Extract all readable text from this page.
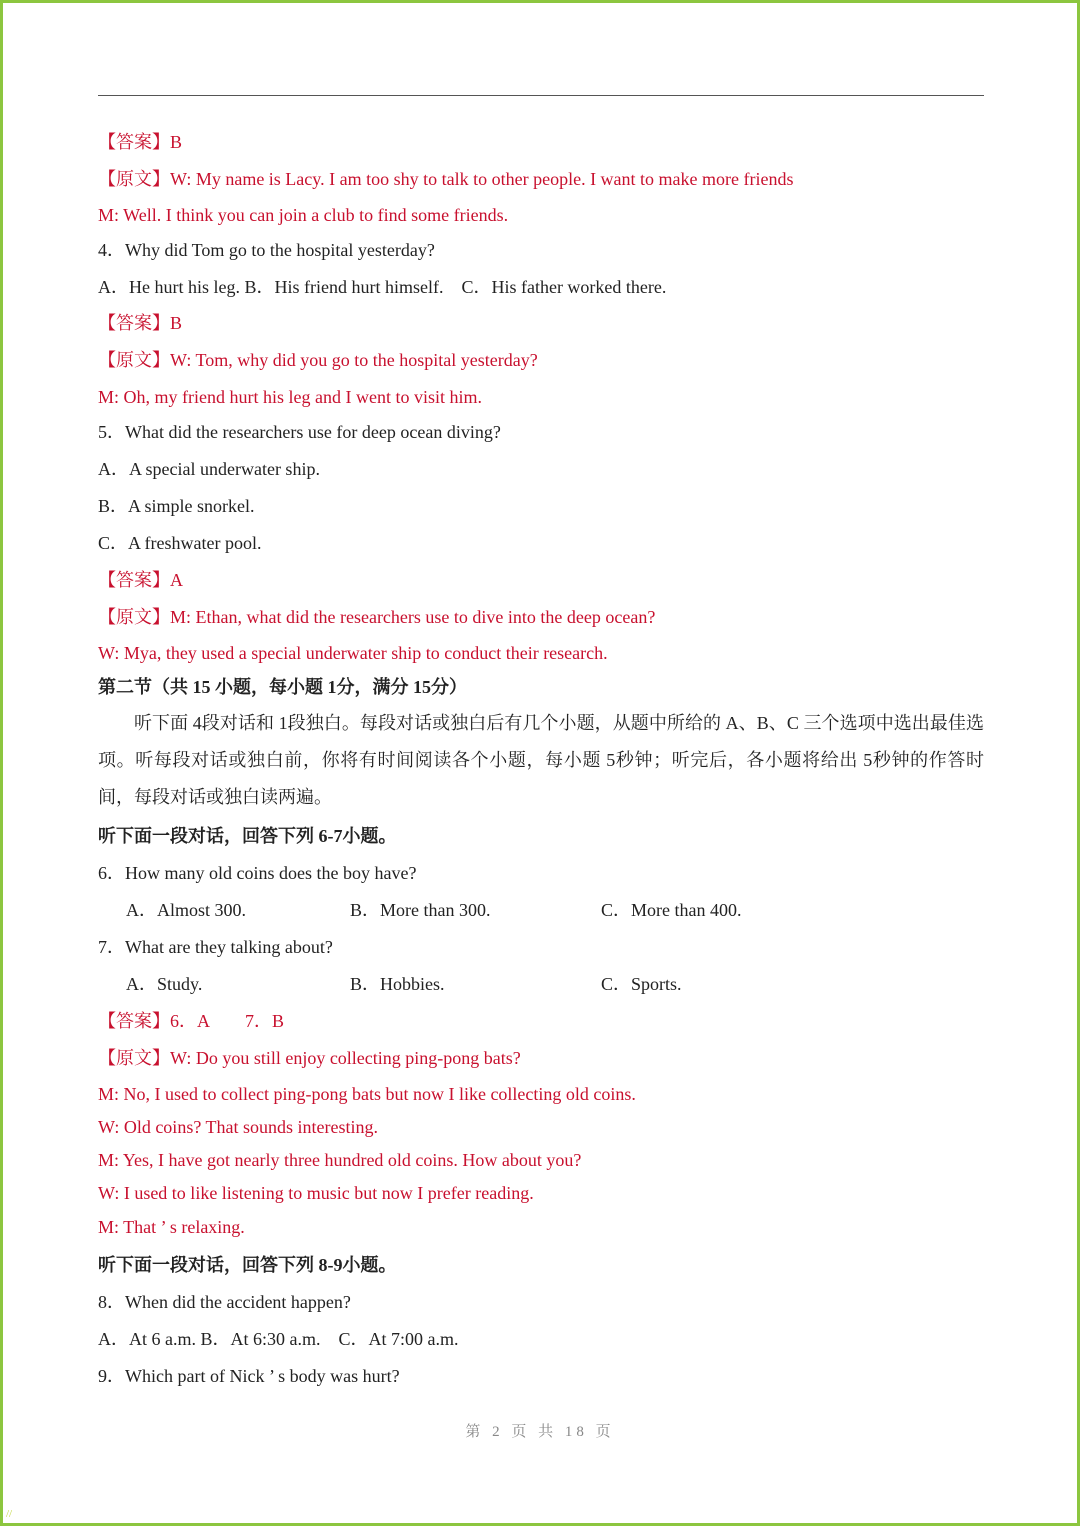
【答案】B
【原文】W: My name is Lacy. I am too shy to talk to other people. I want to make more friends
M: Well. I think you can join a club to find some friends.
4．Why did Tom go to the hospital yesterday?
A．He hurt his leg. B．His friend hurt himself.　C．His father worked there.
【答案】B
【原文】W: Tom, why did you go to the hospital yesterday?
M: Oh, my friend hurt his leg and I went to visit him.
5．What did the researchers use for deep ocean diving?
A．A special underwater ship.
B．A simple snorkel.
C．A freshwater pool.
【答案】A
【原文】M: Ethan, what did the researchers use to dive into the deep ocean?
W: Mya, they used a special underwater ship to conduct their research.
第二节（共 15 小题，每小题 1分，满分 15分）
听下面 4段对话和 1段独白。每段对话或独白后有几个小题，从题中所给的 A、B、C 三个选项中选出最佳选项。听每段对话或独白前，你将有时间阅读各个小题，每小题 5秒钟；听完后，各小题将给出 5秒钟的作答时间，每段对话或独白读两遍。
听下面一段对话，回答下列 6-7小题。
6．How many old coins does the boy have?
A．Almost 300.	B．More than 300.	C．More than 400.
7．What are they talking about?
A．Study.	B．Hobbies.	C．Sports.
【答案】6．A　　7．B
【原文】W: Do you still enjoy collecting ping-pong bats?
M: No, I used to collect ping-pong bats but now I like collecting old coins.
W: Old coins? That sounds interesting.
M: Yes, I have got nearly three hundred old coins. How about you?
W: I used to like listening to music but now I prefer reading.
M: That ’ s relaxing.
听下面一段对话，回答下列 8-9小题。
8．When did the accident happen?
A．At 6 a.m. B．At 6:30 a.m.　C．At 7:00 a.m.
9．Which part of Nick ’ s body was hurt?
第 2 页 共 18 页
//
